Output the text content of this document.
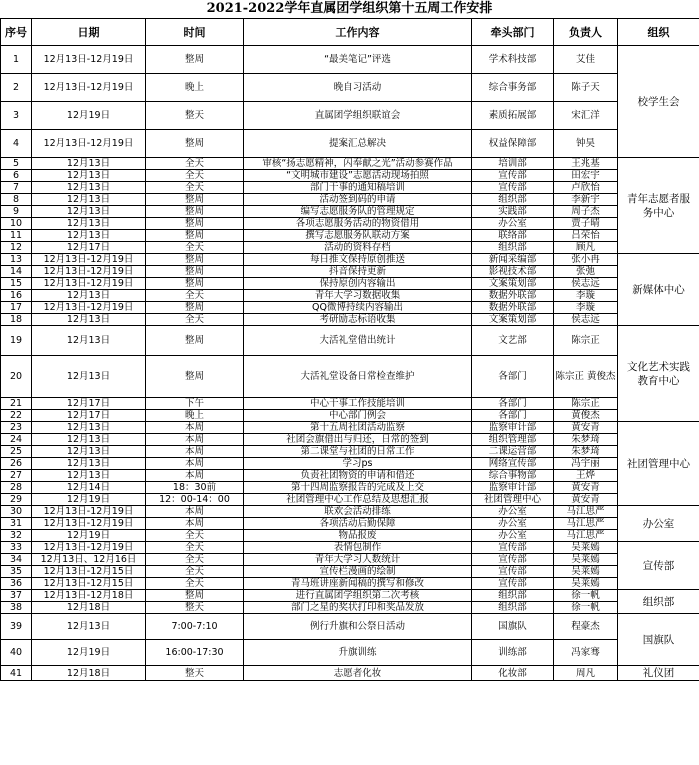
2021-2022学年直属团学组织第十五周工作安排
序号	日期	时间	工作内容	牵头部门	负责人	组织
1	12月13日-12月19日	整周	“最美笔记”评选	学术科技部	艾佳	校学生会
2	12月13日-12月19日	晚上	晚自习活动	综合事务部	陈子天	
3	12月19日	整天	直属团学组织联谊会	素质拓展部	宋汇洋	
4	12月13日-12月19日	整周	提案汇总解决	权益保障部	钟昊	
5	12月13日	全天	审核“扬志愿精神，闪奉献之光”活动参赛作品	培训部	王兆基	青年志愿者服务中心
6	12月13日	全天	“文明城市建设”志愿活动现场拍照	宣传部	田宏宇	
7	12月13日	全天	部门干事的通知稿培训	宣传部	卢欣怡	
8	12月13日	整周	活动签到码的申请	组织部	李新宇	
9	12月13日	整周	编写志愿服务队的管理规定	实践部	周子杰	
10	12月13日	整周	各项志愿服务活动的物资借用	办公室	贾子晴	
11	12月13日	整周	撰写志愿服务队联动方案	联络部	吕荣怡	
12	12月17日	全天	活动的资料存档	组织部	顾凡	
13	12月13日-12月19日	整周	每日推文保持原创推送	新闻采编部	张小冉	新媒体中心
14	12月13日-12月19日	整周	抖音保持更新	影视技术部	张弛	
15	12月13日-12月19日	整周	保持原创内容输出	文案策划部	侯志远	
16	12月13日	全天	青年大学习数据收集	数据外联部	李璇	
17	12月13日-12月19日	整周	QQ微博持续内容输出	数据外联部	李璇	
18	12月13日	全天	考研励志标语收集	文案策划部	侯志远	
19	12月13日	整周	大活礼堂借出统计	文艺部	陈宗正	文化艺术实践教育中心
20	12月13日	整周	大活礼堂设备日常检查维护	各部门	陈宗正 黄俊杰	
21	12月17日	下午	中心干事工作技能培训	各部门	陈宗正	
22	12月17日	晚上	中心部门例会	各部门	黄俊杰	
23	12月13日	本周	第十五周社团活动监察	监察审计部	黄安青	社团管理中心
24	12月13日	本周	社团会旗借出与归还，日常的签到	组织管理部	朱梦琦	
25	12月13日	本周	第二课堂与社团的日常工作	二课运营部	朱梦琦	
26	12月13日	本周	学习ps	网络宣传部	冯宇丽	
27	12月13日	本周	负责社团物资的申请和借还	综合事物部	王烨	
28	12月14日	18：30前	第十四周监察报告的完成及上交	监察审计部	黄安青	
29	12月19日	12：00-14：00	社团管理中心工作总结及思想汇报	社团管理中心	黄安青	
30	12月13日-12月19日	本周	联欢会活动排练	办公室	马江思严	办公室
31	12月13日-12月19日	本周	各项活动后勤保障	办公室	马江思严	
32	12月19日	全天	物品报废	办公室	马江思严	
33	12月13日-12月19日	全天	表情包制作	宣传部	吴莱嫣	宣传部
34	12月13日、12月16日	全天	青年大学习人数统计	宣传部	吴莱嫣	
35	12月13日-12月15日	全天	宣传栏漫画的绘制	宣传部	吴莱嫣	
36	12月13日-12月15日	全天	青马班讲座新闻稿的撰写和修改	宣传部	吴莱嫣	
37	12月13日-12月18日	整周	进行直属团学组织第二次考核	组织部	徐一帆	组织部
38	12月18日	整天	部门之星的奖状打印和奖品发放	组织部	徐一帆	
39	12月13日	7:00-7:10	例行升旗和公祭日活动	国旗队	程豪杰	国旗队
40	12月19日	16:00-17:30	升旗训练	训练部	冯家骞	
41	12月18日	整天	志愿者化妆	化妆部	周凡	礼仪团
